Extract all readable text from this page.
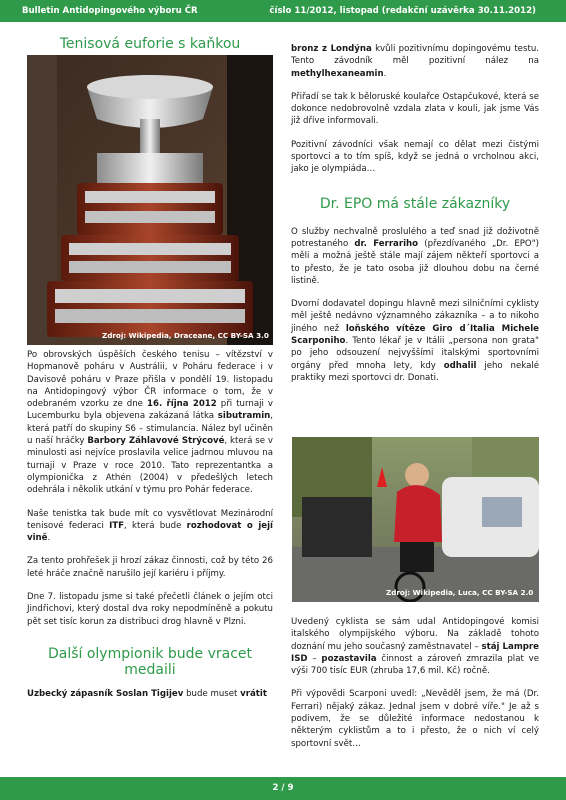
Bulletin Antidopingového výboru ČR	číslo 11/2012, listopad (redakční uzávěrka 30.11.2012)
Tenisová euforie s kaňkou
Zdroj: Wikipedia, Draceane, CC BY-SA 3.0

Po obrovských úspěších českého tenisu – vítězství v Hopmanově poháru v Austrálii, v Poháru federace i v Davisově poháru v Praze přišla v pondělí 19. listopadu na Antidopingový výbor ČR informace o tom, že v odebraném vzorku ze dne 16. října 2012 při turnaji v Lucemburku byla objevena zakázaná látka sibutramin, která patří do skupiny S6 – stimulancia. Nález byl učiněn u naší hráčky Barbory Záhlavové Strýcové, která se v minulosti asi nejvíce proslavila velice jadrnou mluvou na turnaji v Praze v roce 2010. Tato reprezentantka a olympionička z Athén (2004) v předešlých letech odehrála i několik utkání v týmu pro Pohár federace.

Naše tenistka tak bude mít co vysvětlovat Mezinárodní tenisové federaci ITF, která bude rozhodovat o její vině.

Za tento prohřešek ji hrozí zákaz činnosti, což by této 26 leté hráče značně narušilo její kariéru i příjmy.

Dne 7. listopadu jsme si také přečetli článek o jejím otci Jindřichovi, který dostal dva roky nepodmíněně a pokutu pět set tisíc korun za distribuci drog hlavně v Plzni.

Další olympionik bude vracet medaili

Uzbecký zápasník Soslan Tigijev bude muset vrátit

bronz z Londýna kvůli pozitivnímu dopingovému testu. Tento závodník měl pozitivní nález na methylhexaneamin.

Přiřadí se tak k běloruské koulařce Ostapčukové, která se dokonce nedobrovolně vzdala zlata v kouli, jak jsme Vás již dříve informovali.

Pozitivní závodníci však nemají co dělat mezi čistými sportovci a to tím spíš, když se jedná o vrcholnou akci, jako je olympiáda…

Dr. EPO má stále zákazníky

O služby nechvalně proslulého a teď snad již doživotně potrestaného dr. Ferrariho (přezdívaného „Dr. EPO") měli a možná ještě stále mají zájem někteří sportovci a to přesto, že je tato osoba již dlouhou dobu na černé listině.

Dvorní dodavatel dopingu hlavně mezi silničními cyklisty měl ještě nedávno významného zákazníka – a to nikoho jiného než loňského vítěze Giro d´Italia Michele Scarponiho. Tento lékař je v Itálii „persona non grata" po jeho odsouzení nejvyššími italskými sportovními orgány před mnoha lety, kdy odhalil jeho nekalé praktiky mezi sportovci dr. Donati.

Zdroj: Wikipedia, Luca, CC BY-SA 2.0

Uvedený cyklista se sám udal Antidopingové komisi italského olympijského výboru. Na základě tohoto doznání mu jeho současný zaměstnavatel – stáj Lampre ISD – pozastavila činnost a zároveň zmrazila plat ve výši 700 tisíc EUR (zhruba 17,6 mil. Kč) ročně.

Při výpovědi Scarponi uvedl: „Nevěděl jsem, že má (Dr. Ferrari) nějaký zákaz. Jednal jsem v dobré víře." Je až s podivem, že se důležité informace nedostanou k některým cyklistům a to i přesto, že o nich ví celý sportovní svět…

2 / 9
